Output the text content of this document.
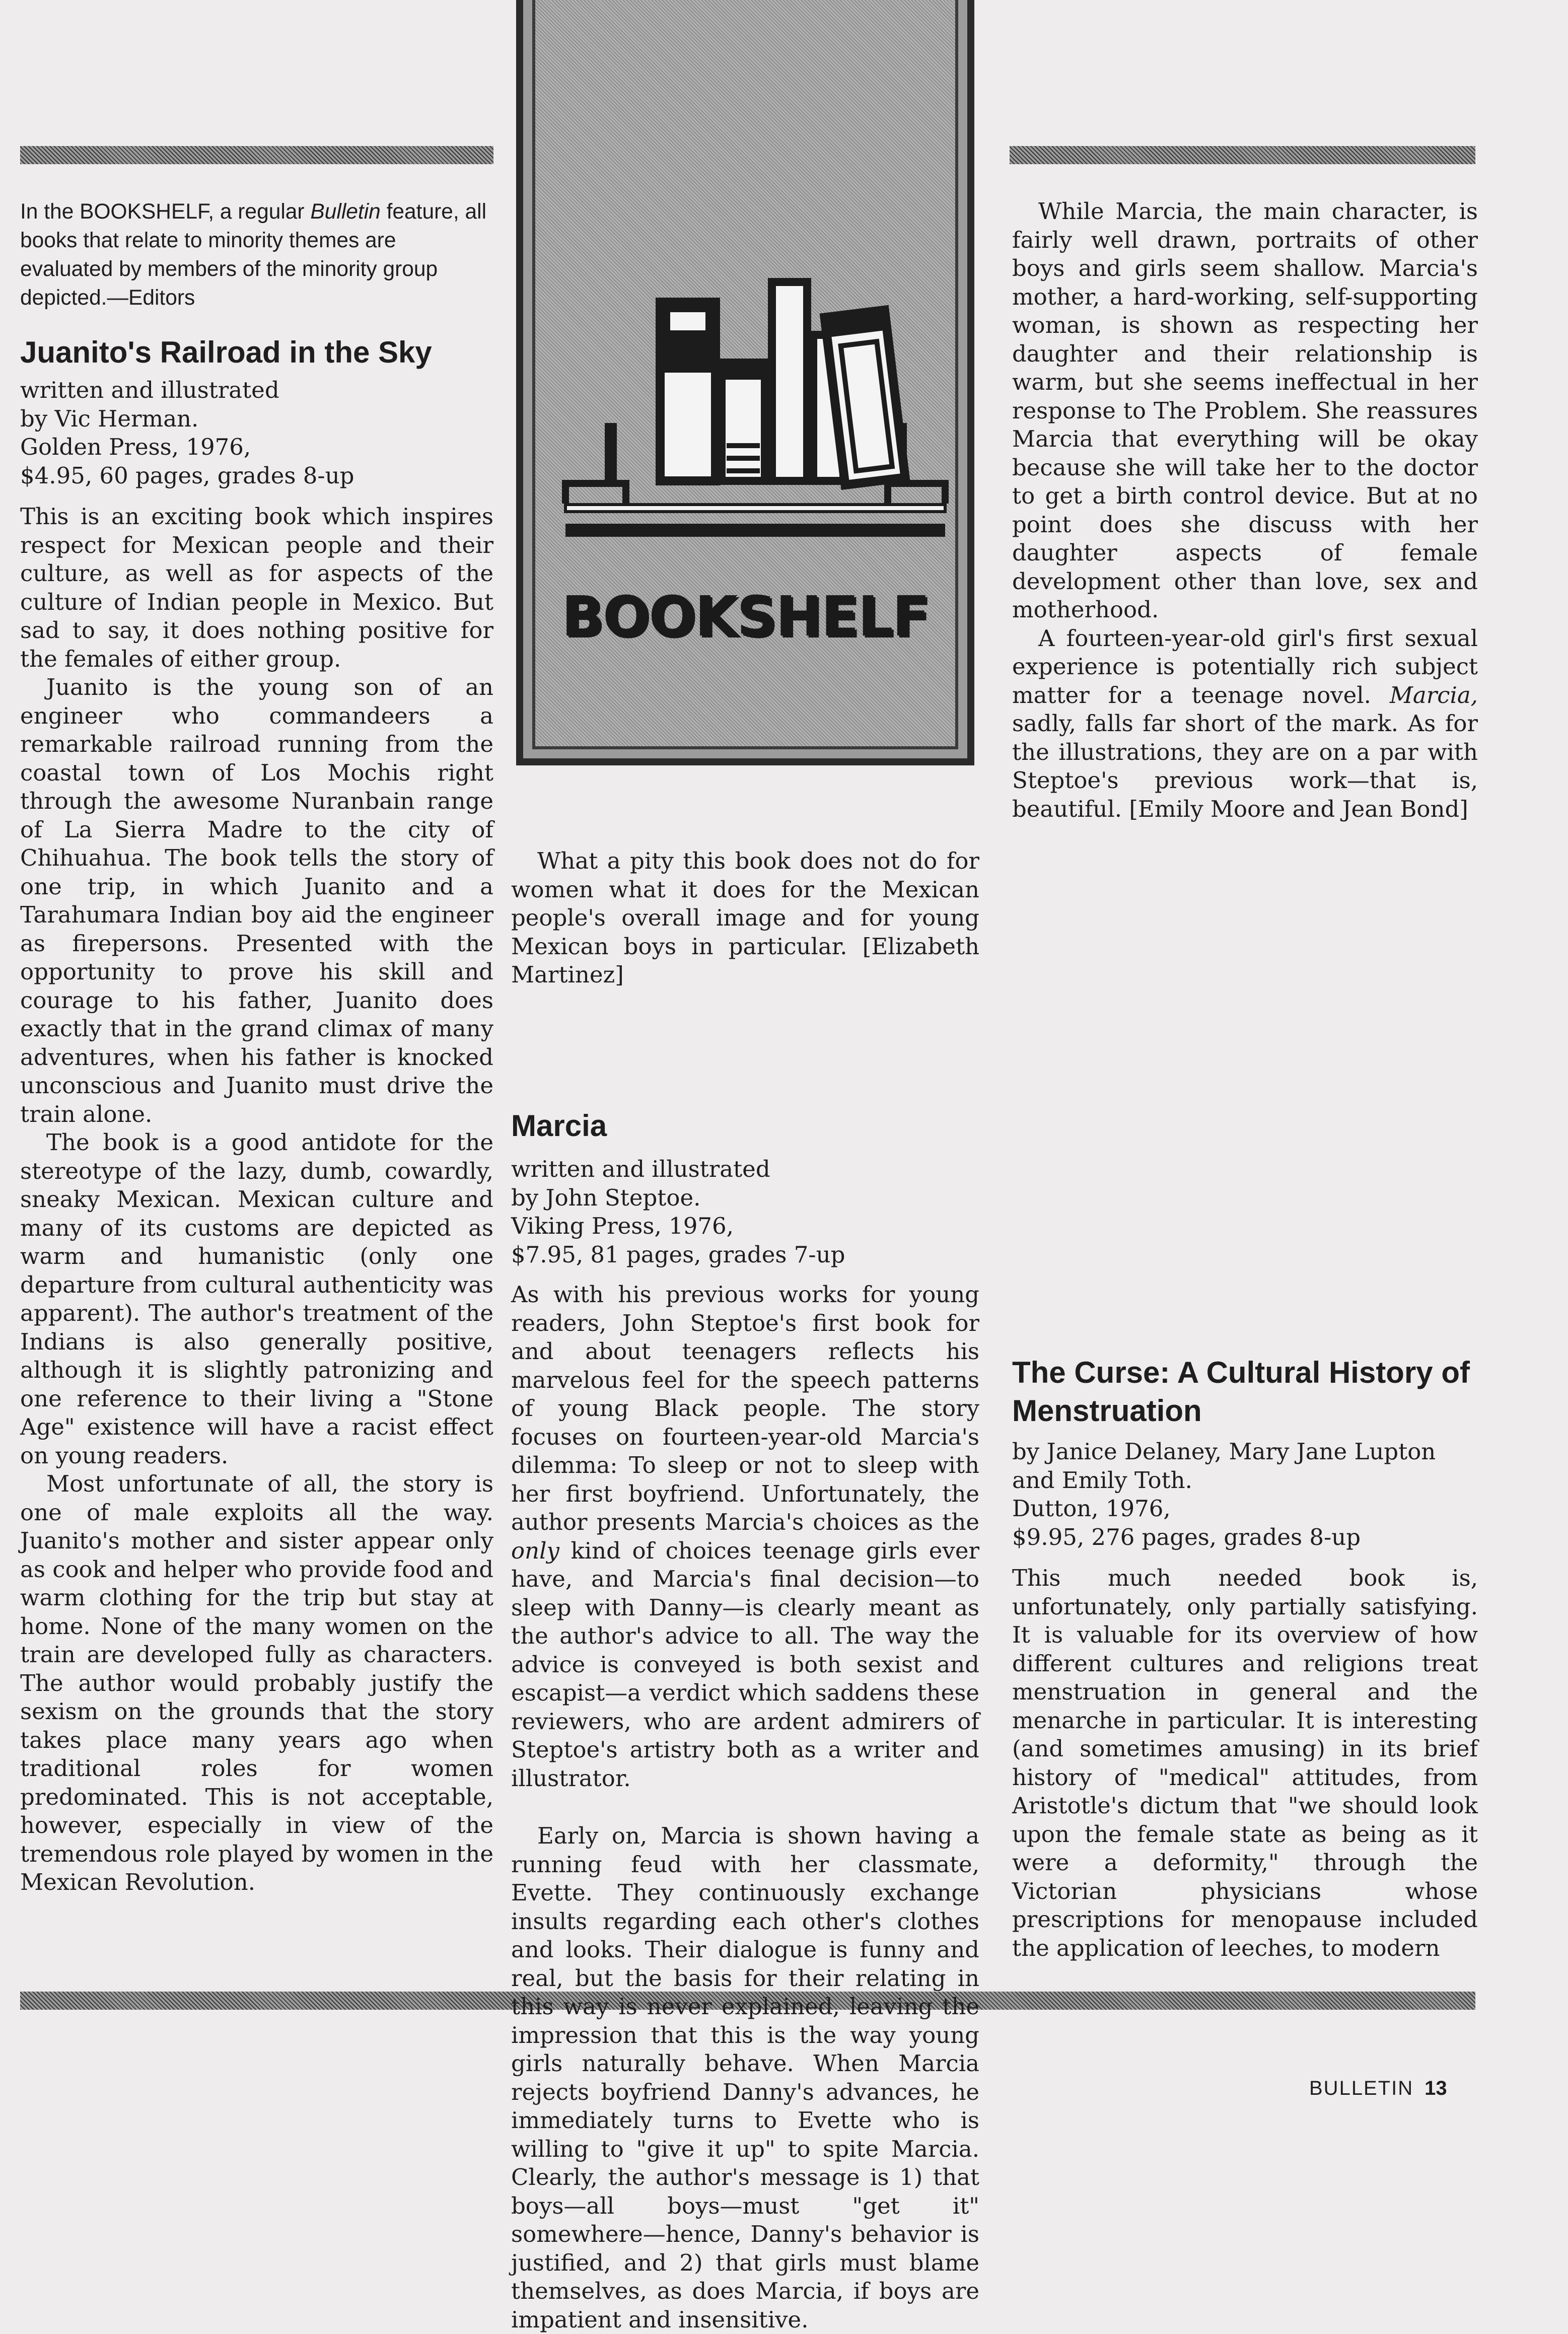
In the BOOKSHELF, a regular Bulletin feature, all books that relate to minority themes are evaluated by members of the minority group depicted.—Editors

Juanito's Railroad in the Sky

written and illustrated

by Vic Herman.

Golden Press, 1976,

$4.95, 60 pages, grades 8-up

This is an exciting book which inspires respect for Mexican people and their culture, as well as for aspects of the culture of Indian people in Mexico. But sad to say, it does nothing positive for the females of either group.

Juanito is the young son of an engineer who commandeers a remarkable railroad running from the coastal town of Los Mochis right through the awesome Nuranbain range of La Sierra Madre to the city of Chihuahua. The book tells the story of one trip, in which Juanito and a Tarahumara Indian boy aid the engineer as firepersons. Presented with the opportunity to prove his skill and courage to his father, Juanito does exactly that in the grand climax of many adventures, when his father is knocked unconscious and Juanito must drive the train alone.

The book is a good antidote for the stereotype of the lazy, dumb, cowardly, sneaky Mexican. Mexican culture and many of its customs are depicted as warm and humanistic (only one departure from cultural authenticity was apparent). The author's treatment of the Indians is also generally positive, although it is slightly patronizing and one reference to their living a "Stone Age" existence will have a racist effect on young readers.

Most unfortunate of all, the story is one of male exploits all the way. Juanito's mother and sister appear only as cook and helper who provide food and warm clothing for the trip but stay at home. None of the many women on the train are developed fully as characters. The author would probably justify the sexism on the grounds that the story takes place many years ago when traditional roles for women predominated. This is not acceptable, however, especially in view of the tremendous role played by women in the Mexican Revolution.

BOOKSHELF

What a pity this book does not do for women what it does for the Mexican people's overall image and for young Mexican boys in particular. [Elizabeth Martinez]

Marcia

written and illustrated

by John Steptoe.

Viking Press, 1976,

$7.95, 81 pages, grades 7-up

As with his previous works for young readers, John Steptoe's first book for and about teenagers reflects his marvelous feel for the speech patterns of young Black people. The story focuses on fourteen-year-old Marcia's dilemma: To sleep or not to sleep with her first boyfriend. Unfortunately, the author presents Marcia's choices as the only kind of choices teenage girls ever have, and Marcia's final decision—to sleep with Danny—is clearly meant as the author's advice to all. The way the advice is conveyed is both sexist and escapist—a verdict which saddens these reviewers, who are ardent admirers of Steptoe's artistry both as a writer and illustrator.

Early on, Marcia is shown having a running feud with her classmate, Evette. They continuously exchange insults regarding each other's clothes and looks. Their dialogue is funny and real, but the basis for their relating in this way is never explained, leaving the impression that this is the way young girls naturally behave. When Marcia rejects boyfriend Danny's advances, he immediately turns to Evette who is willing to "give it up" to spite Marcia. Clearly, the author's message is 1) that boys—all boys—must "get it" somewhere—hence, Danny's behavior is justified, and 2) that girls must blame themselves, as does Marcia, if boys are impatient and insensitive.

While Marcia, the main character, is fairly well drawn, portraits of other boys and girls seem shallow. Marcia's mother, a hard-working, self-supporting woman, is shown as respecting her daughter and their relationship is warm, but she seems ineffectual in her response to The Problem. She reassures Marcia that everything will be okay because she will take her to the doctor to get a birth control device. But at no point does she discuss with her daughter aspects of female development other than love, sex and motherhood.

A fourteen-year-old girl's first sexual experience is potentially rich subject matter for a teenage novel. Marcia, sadly, falls far short of the mark. As for the illustrations, they are on a par with Steptoe's previous work—that is, beautiful. [Emily Moore and Jean Bond]

The Curse: A Cultural History of Menstruation

by Janice Delaney, Mary Jane Lupton

and Emily Toth.

Dutton, 1976,

$9.95, 276 pages, grades 8-up

This much needed book is, unfortunately, only partially satisfying. It is valuable for its overview of how different cultures and religions treat menstruation in general and the menarche in particular. It is interesting (and sometimes amusing) in its brief history of "medical" attitudes, from Aristotle's dictum that "we should look upon the female state as being as it were a deformity," through the Victorian physicians whose prescriptions for menopause included the application of leeches, to modern

BULLETIN 13
